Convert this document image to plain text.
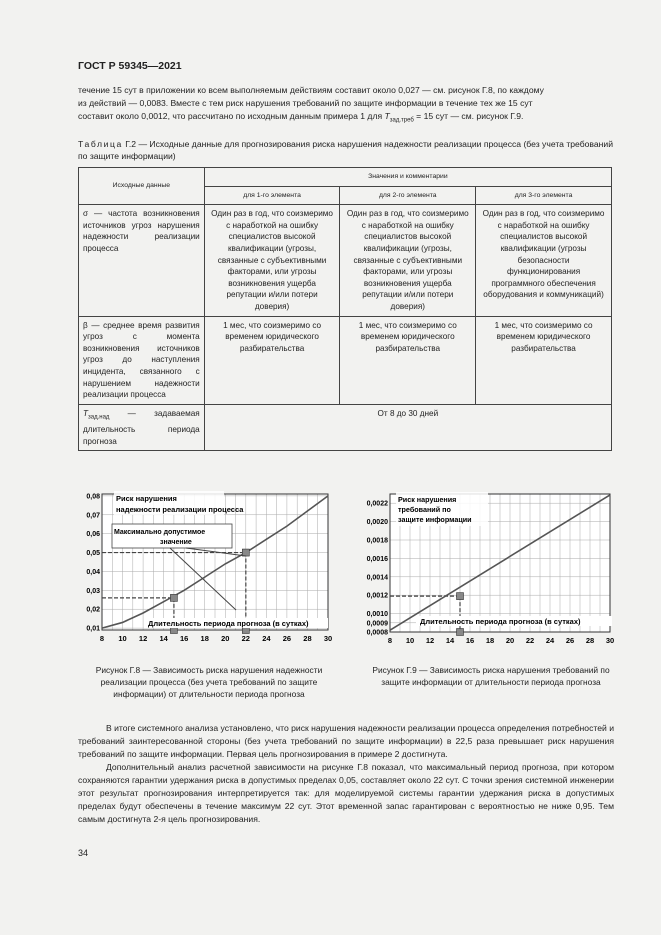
ГОСТ Р 59345—2021

течение 15 сут в приложении ко всем выполняемым действиям составит около 0,027 — см. рисунок Г.8, по каждому

из действий — 0,0083. Вместе с тем риск нарушения требований по защите информации в течение тех же 15 сут

составит около 0,0012, что рассчитано по исходным данным примера 1 для $T_{зад.треб} = 15$ сут — см. рисунок Г.9.

Таблица Г.2 — Исходные данные для прогнозирования риска нарушения надежности реализации процесса (без учета требований по защите информации)
Исходные данные	Значения и комментарии		
	для 1-го элемента	для 2-го элемента	для 3-го элемента
σ — частота возникновения источников угроз нарушения надежности реализации процесса	Один раз в год, что соизмеримо с наработкой на ошибку специалистов высокой квалификации (угрозы, связанные с субъективными факторами, или угрозы возникновения ущерба репутации и/или потери доверия)	Один раз в год, что соизмеримо с наработкой на ошибку специалистов высокой квалификации (угрозы, связанные с субъективными факторами, или угрозы возникновения ущерба репутации и/или потери доверия)	Один раз в год, что соизмеримо с наработкой на ошибку специалистов высокой квалификации (угрозы безопасности функционирования программного обеспечения оборудования и коммуникаций)
β — среднее время развития угроз с момента возникновения источников угроз до наступления инцидента, связанного с нарушением надежности реализации процесса	1 мес, что соизмеримо со временем юридического разбирательства	1 мес, что соизмеримо со временем юридического разбирательства	1 мес, что соизмеримо со временем юридического разбирательства
$T_{зад.над}$ — задаваемая длительность периода прогноза	От 8 до 30 дней		
0,01
0,02
0,03
0,04
0,05
0,06
0,07
0,08
8 10 12 14 16 18 20 22 24 26 28 30
Риск нарушения
надежности реализации процесса
Максимально допустимое
значение
Длительность периода прогноза (в сутках)
Рисунок Г.8 — Зависимость риска нарушения надежности реализации процесса (без учета требований по защите информации) от длительности периода прогноза
0,0008
0,0009
0,0010
0,0012
0,0014
0,0016
0,0018
0,0020
0,0022
8 10 12 14 16 18 20 22 24 26 28 30
Риск нарушения
требований по
защите информации
Длительность периода прогноза (в сутках)
Рисунок Г.9 — Зависимость риска нарушения требований по защите информации от длительности периода прогноза

В итоге системного анализа установлено, что риск нарушения надежности реализации процесса определения потребностей и требований заинтересованной стороны (без учета требований по защите информации) в 22,5 раза превышает риск нарушения требований по защите информации. Первая цель прогнозирования в примере 2 достигнута.

Дополнительный анализ расчетной зависимости на рисунке Г.8 показал, что максимальный период прогноза, при котором сохраняются гарантии удержания риска в допустимых пределах 0,05, составляет около 22 сут. С точки зрения системной инженерии этот результат прогнозирования интерпретируется так: для моделируемой системы гарантии удержания риска в допустимых пределах будут обеспечены в течение максимум 22 сут. Этот временной запас гарантирован с вероятностью не ниже 0,95. Тем самым достигнута 2-я цель прогнозирования.

34
